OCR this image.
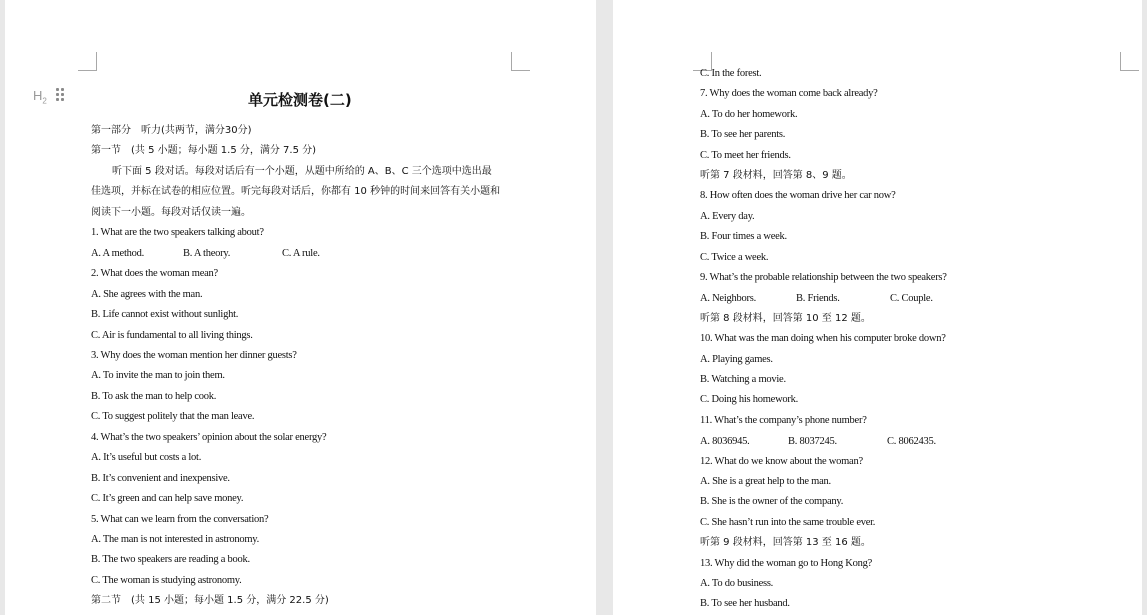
$H_2$	单元检测卷(二)
第一部分　听力(共两节，满分30分)
第一节　(共 5 小题；每小题 1.5 分，满分 7.5 分)
听下面 5 段对话。每段对话后有一个小题，从题中所给的 A、B、C 三个选项中选出最
佳选项，并标在试卷的相应位置。听完每段对话后，你都有 10 秒钟的时间来回答有关小题和
阅读下一小题。每段对话仅读一遍。
1. What are the two speakers talking about?
2. What does the woman mean?
A. She agrees with the man.
B. Life cannot exist without sunlight.
C. Air is fundamental to all living things.
3. Why does the woman mention her dinner guests?
A. To invite the man to join them.
B. To ask the man to help cook.
C. To suggest politely that the man leave.
4. What’s the two speakers’ opinion about the solar energy?
A. It’s useful but costs a lot.
B. It’s convenient and inexpensive.
C. It’s green and can help save money.
5. What can we learn from the conversation?
A. The man is not interested in astronomy.
B. The two speakers are reading a book.
C. The woman is studying astronomy.
第二节　(共 15 小题；每小题 1.5 分，满分 22.5 分)
A. A method.	B. A theory.	C. A rule.
C. In the forest.
7. Why does the woman come back already?
A. To do her homework.
B. To see her parents.
C. To meet her friends.
听第 7 段材料，回答第 8、9 题。
8. How often does the woman drive her car now?
A. Every day.
B. Four times a week.
C. Twice a week.
9. What’s the probable relationship between the two speakers?
听第 8 段材料，回答第 10 至 12 题。
10. What was the man doing when his computer broke down?
A. Playing games.
B. Watching a movie.
C. Doing his homework.
11. What’s the company’s phone number?
12. What do we know about the woman?
A. She is a great help to the man.
B. She is the owner of the company.
C. She hasn’t run into the same trouble ever.
听第 9 段材料，回答第 13 至 16 题。
13. Why did the woman go to Hong Kong?
A. To do business.
B. To see her husband.
A. Neighbors.	B. Friends.	C. Couple.
A. 8036945.	B. 8037245.	C. 8062435.
